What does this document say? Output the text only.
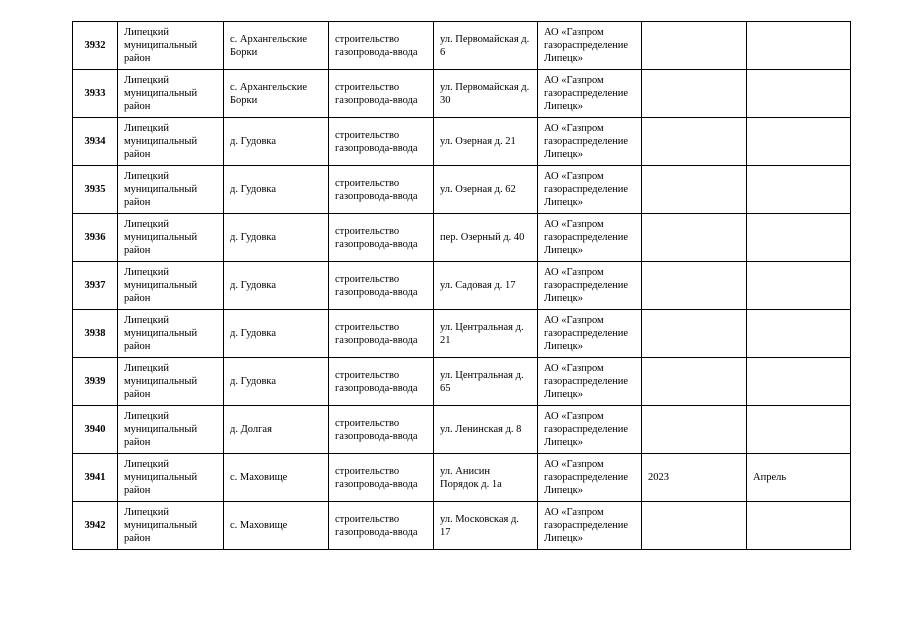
3932	Липецкий муниципальный район	с. Архангельские Борки	строительство газопровода-ввода	ул. Первомайская д. 6	АО «Газпром газораспределение Липецк»		
3933	Липецкий муниципальный район	с. Архангельские Борки	строительство газопровода-ввода	ул. Первомайская д. 30	АО «Газпром газораспределение Липецк»		
3934	Липецкий муниципальный район	д. Гудовка	строительство газопровода-ввода	ул. Озерная д. 21	АО «Газпром газораспределение Липецк»		
3935	Липецкий муниципальный район	д. Гудовка	строительство газопровода-ввода	ул. Озерная д. 62	АО «Газпром газораспределение Липецк»		
3936	Липецкий муниципальный район	д. Гудовка	строительство газопровода-ввода	пер. Озерный д. 40	АО «Газпром газораспределение Липецк»		
3937	Липецкий муниципальный район	д. Гудовка	строительство газопровода-ввода	ул. Садовая д. 17	АО «Газпром газораспределение Липецк»		
3938	Липецкий муниципальный район	д. Гудовка	строительство газопровода-ввода	ул. Центральная д. 21	АО «Газпром газораспределение Липецк»		
3939	Липецкий муниципальный район	д. Гудовка	строительство газопровода-ввода	ул. Центральная д. 65	АО «Газпром газораспределение Липецк»		
3940	Липецкий муниципальный район	д. Долгая	строительство газопровода-ввода	ул. Ленинская д. 8	АО «Газпром газораспределение Липецк»		
3941	Липецкий муниципальный район	с. Маховище	строительство газопровода-ввода	ул. Анисин Порядок д. 1а	АО «Газпром газораспределение Липецк»	2023	Апрель
3942	Липецкий муниципальный район	с. Маховище	строительство газопровода-ввода	ул. Московская д. 17	АО «Газпром газораспределение Липецк»		
